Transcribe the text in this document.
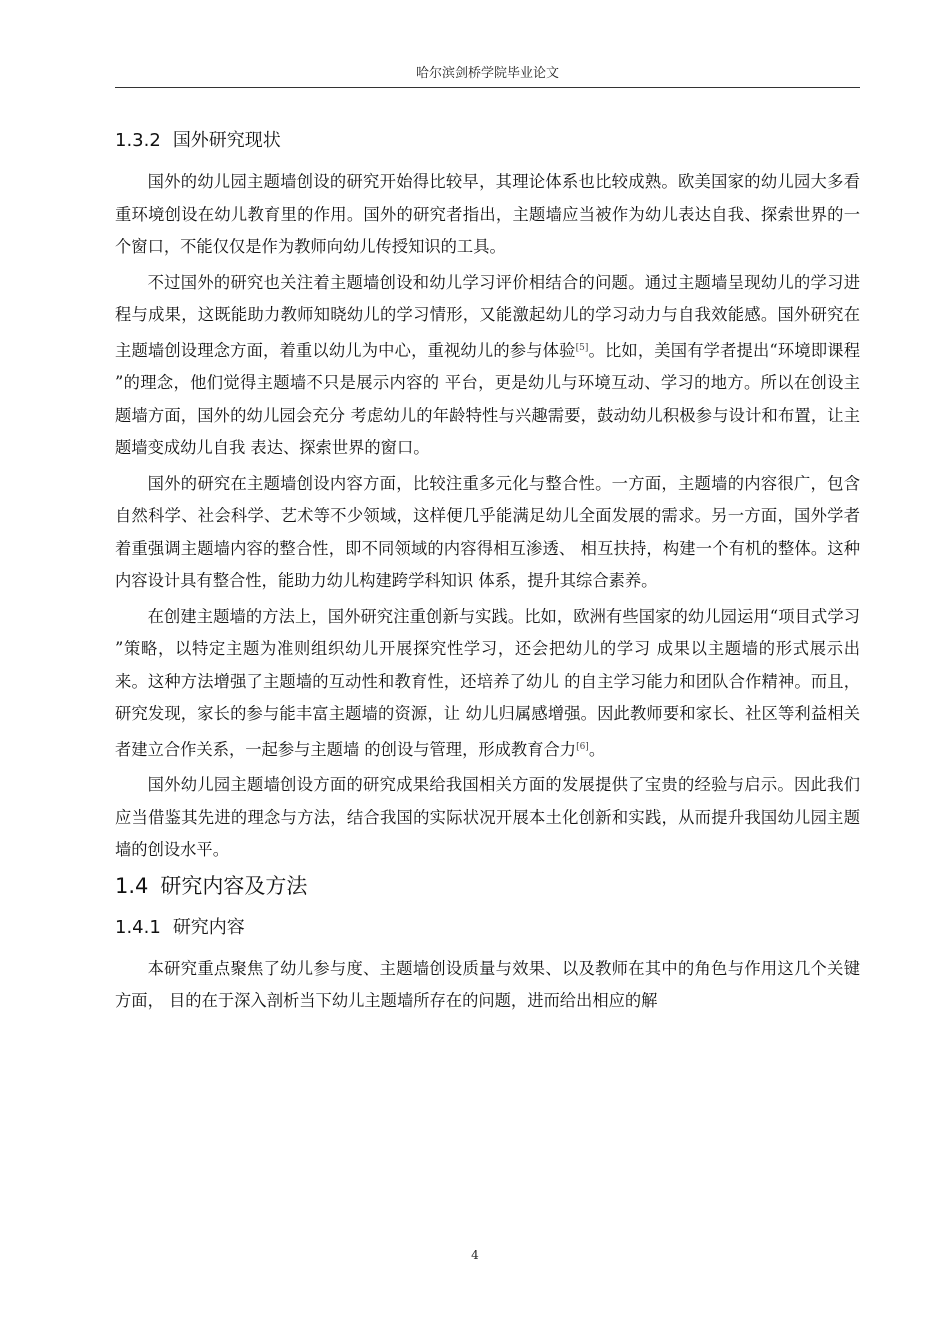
哈尔滨剑桥学院毕业论文
1.3.2 国外研究现状

国外的幼儿园主题墙创设的研究开始得比较早，其理论体系也比较成熟。欧美国家的幼儿园大多看重环境创设在幼儿教育里的作用。国外的研究者指出，主题墙应当被作为幼儿表达自我、探索世界的一个窗口，不能仅仅是作为教师向幼儿传授知识的工具。

不过国外的研究也关注着主题墙创设和幼儿学习评价相结合的问题。通过主题墙呈现幼儿的学习进程与成果，这既能助力教师知晓幼儿的学习情形，又能激起幼儿的学习动力与自我效能感。国外研究在主题墙创设理念方面，着重以幼儿为中心，重视幼儿的参与体验[5]。比如，美国有学者提出“环境即课程 ”的理念，他们觉得主题墙不只是展示内容的 平台，更是幼儿与环境互动、学习的地方。所以在创设主题墙方面，国外的幼儿园会充分 考虑幼儿的年龄特性与兴趣需要，鼓动幼儿积极参与设计和布置，让主题墙变成幼儿自我 表达、探索世界的窗口。

国外的研究在主题墙创设内容方面，比较注重多元化与整合性。一方面，主题墙的内容很广，包含自然科学、社会科学、艺术等不少领域，这样便几乎能满足幼儿全面发展的需求。另一方面，国外学者着重强调主题墙内容的整合性，即不同领域的内容得相互渗透、 相互扶持，构建一个有机的整体。这种内容设计具有整合性，能助力幼儿构建跨学科知识 体系，提升其综合素养。

在创建主题墙的方法上，国外研究注重创新与实践。比如，欧洲有些国家的幼儿园运用“项目式学习 ”策略，以特定主题为准则组织幼儿开展探究性学习，还会把幼儿的学习 成果以主题墙的形式展示出来。这种方法增强了主题墙的互动性和教育性，还培养了幼儿 的自主学习能力和团队合作精神。而且，研究发现，家长的参与能丰富主题墙的资源，让 幼儿归属感增强。因此教师要和家长、社区等利益相关者建立合作关系，一起参与主题墙 的创设与管理，形成教育合力[6]。

国外幼儿园主题墙创设方面的研究成果给我国相关方面的发展提供了宝贵的经验与启示。因此我们应当借鉴其先进的理念与方法，结合我国的实际状况开展本土化创新和实践，从而提升我国幼儿园主题墙的创设水平。

1.4 研究内容及方法
1.4.1 研究内容

本研究重点聚焦了幼儿参与度、主题墙创设质量与效果、以及教师在其中的角色与作用这几个关键方面， 目的在于深入剖析当下幼儿主题墙所存在的问题，进而给出相应的解

4
